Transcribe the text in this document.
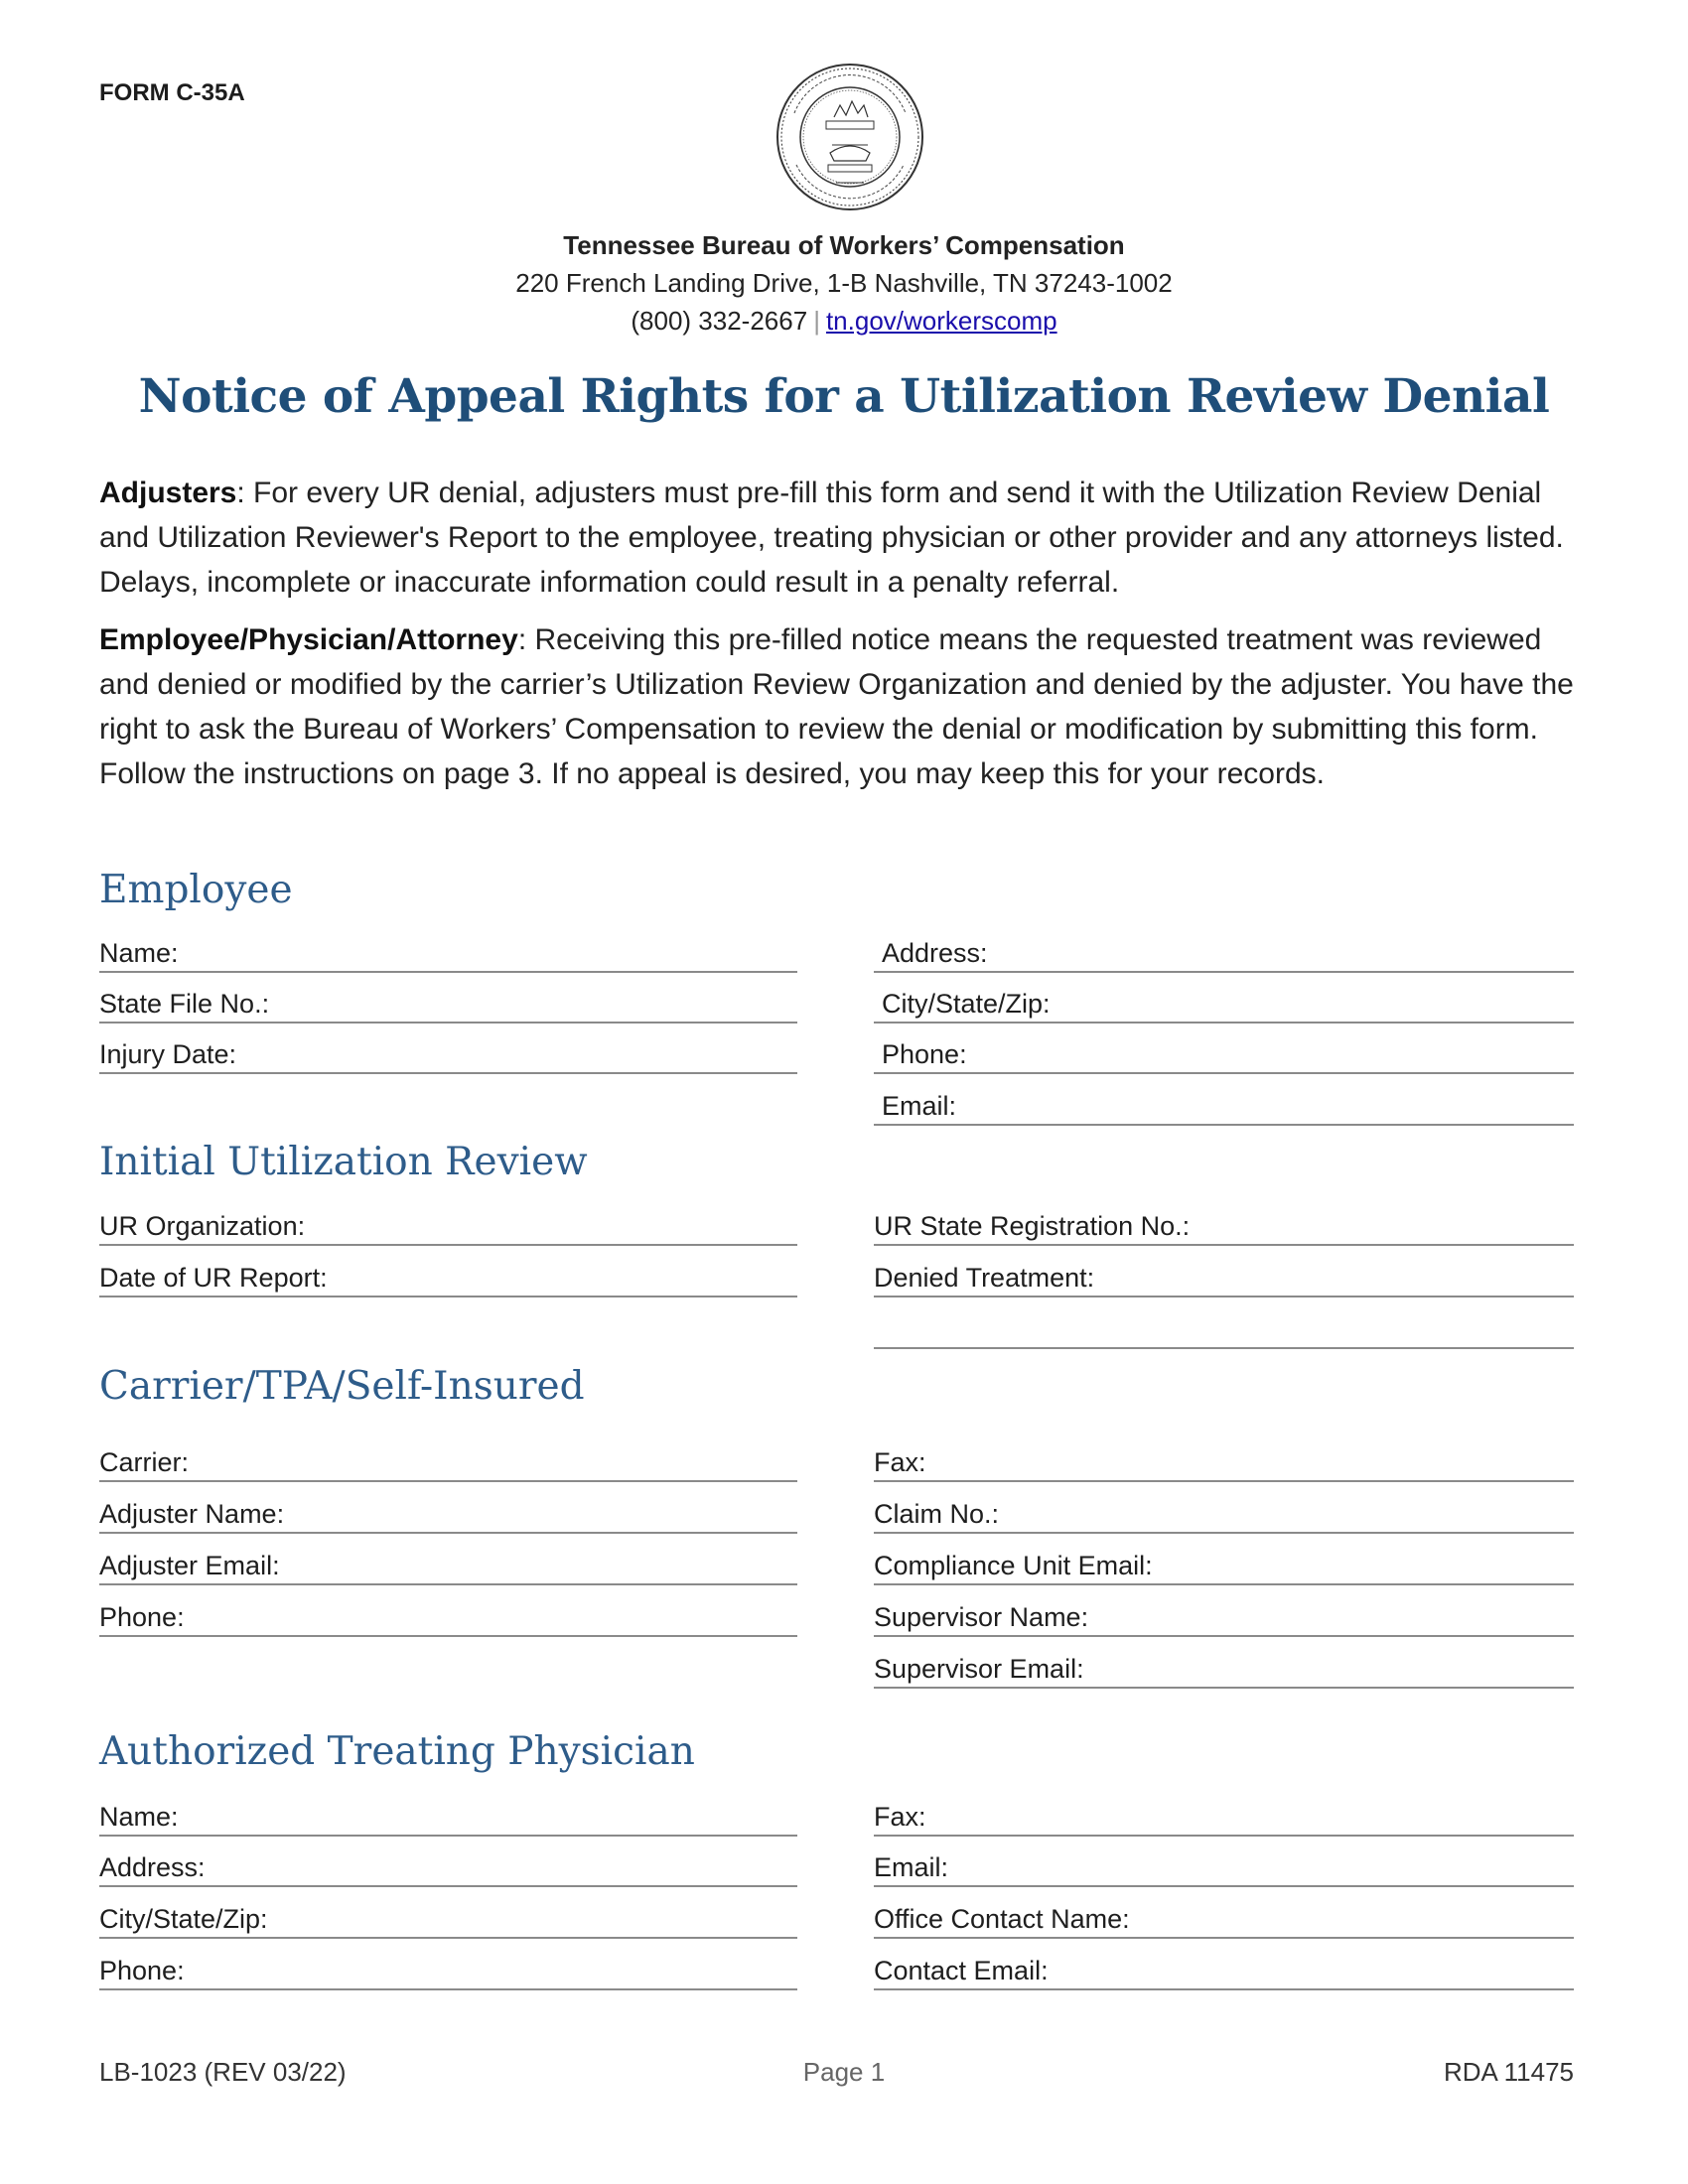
FORM C-35A
Tennessee Bureau of Workers’ Compensation
220 French Landing Drive, 1-B Nashville, TN 37243-1002
(800) 332-2667 | tn.gov/workerscomp
Notice of Appeal Rights for a Utilization Review Denial
Adjusters: For every UR denial, adjusters must pre-fill this form and send it with the Utilization Review Denial and Utilization Reviewer's Report to the employee, treating physician or other provider and any attorneys listed. Delays, incomplete or inaccurate information could result in a penalty referral.
Employee/Physician/Attorney: Receiving this pre-filled notice means the requested treatment was reviewed and denied or modified by the carrier’s Utilization Review Organization and denied by the adjuster. You have the right to ask the Bureau of Workers’ Compensation to review the denial or modification by submitting this form. Follow the instructions on page 3. If no appeal is desired, you may keep this for your records.
Employee
Name:
State File No.:
Injury Date:
Address:
City/State/Zip:
Phone:
Email:
Initial Utilization Review
UR Organization:
Date of UR Report:
UR State Registration No.:
Denied Treatment:
Carrier/TPA/Self-Insured
Carrier:
Adjuster Name:
Adjuster Email:
Phone:
Fax:
Claim No.:
Compliance Unit Email:
Supervisor Name:
Supervisor Email:
Authorized Treating Physician
Name:
Address:
City/State/Zip:
Phone:
Fax:
Email:
Office Contact Name:
Contact Email:
LB-1023 (REV 03/22)	Page 1	RDA 11475
